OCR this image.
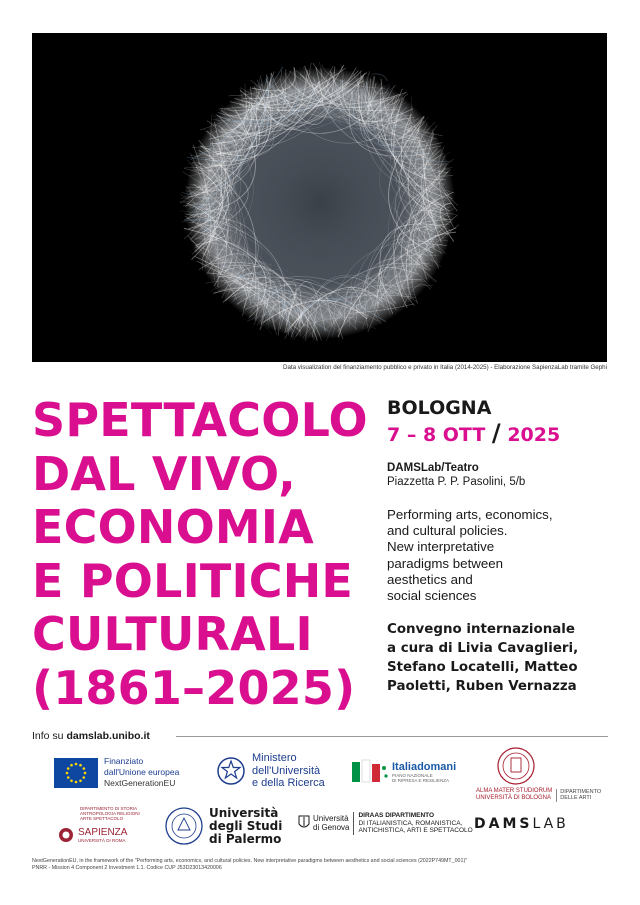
Data visualization del finanziamento pubblico e privato in Italia (2014-2025) - Elaborazione SapienzaLab tramite Gephi
SPETTACOLO
DAL VIVO,
ECONOMIA
E POLITICHE
CULTURALI
(1861–2025)
BOLOGNA
7 – 8 OTT / 2025
DAMSLab/Teatro
Piazzetta P. P. Pasolini, 5/b
Performing arts, economics,
and cultural policies.
New interpretative
paradigms between
aesthetics and
social sciences
Convegno internazionale
a cura di Livia Cavaglieri,
Stefano Locatelli, Matteo
Paoletti, Ruben Vernazza
Info su damslab.unibo.it
Finanziato
dall'Unione europea
NextGenerationEU
Ministero
dell'Università
e della Ricerca
Italiadomani
PIANO NAZIONALE
DI RIPRESA E RESILIENZA
ALMA MATER STUDIORUM
UNIVERSITÀ DI BOLOGNA
DIPARTIMENTO
DELLE ARTI
DIPARTIMENTO DI STORIA
ANTROPOLOGIA RELIGIONI
ARTE SPETTACOLO
SAPIENZA
UNIVERSITÀ DI ROMA
Università
degli Studi
di Palermo
Università
di Genova
DIRAAS DIPARTIMENTO
DI ITALIANISTICA, ROMANISTICA,
ANTICHISTICA, ARTI E SPETTACOLO DAMS LAB
NextGenerationEU, in the framework of the "Performing arts, economics, and cultural policies. New interpretative paradigms between aesthetics and social sciences (2022P749MT_001)"
PNRR - Mission 4 Component 2 Investment 1.1. Codice CUP J53D23013420006
